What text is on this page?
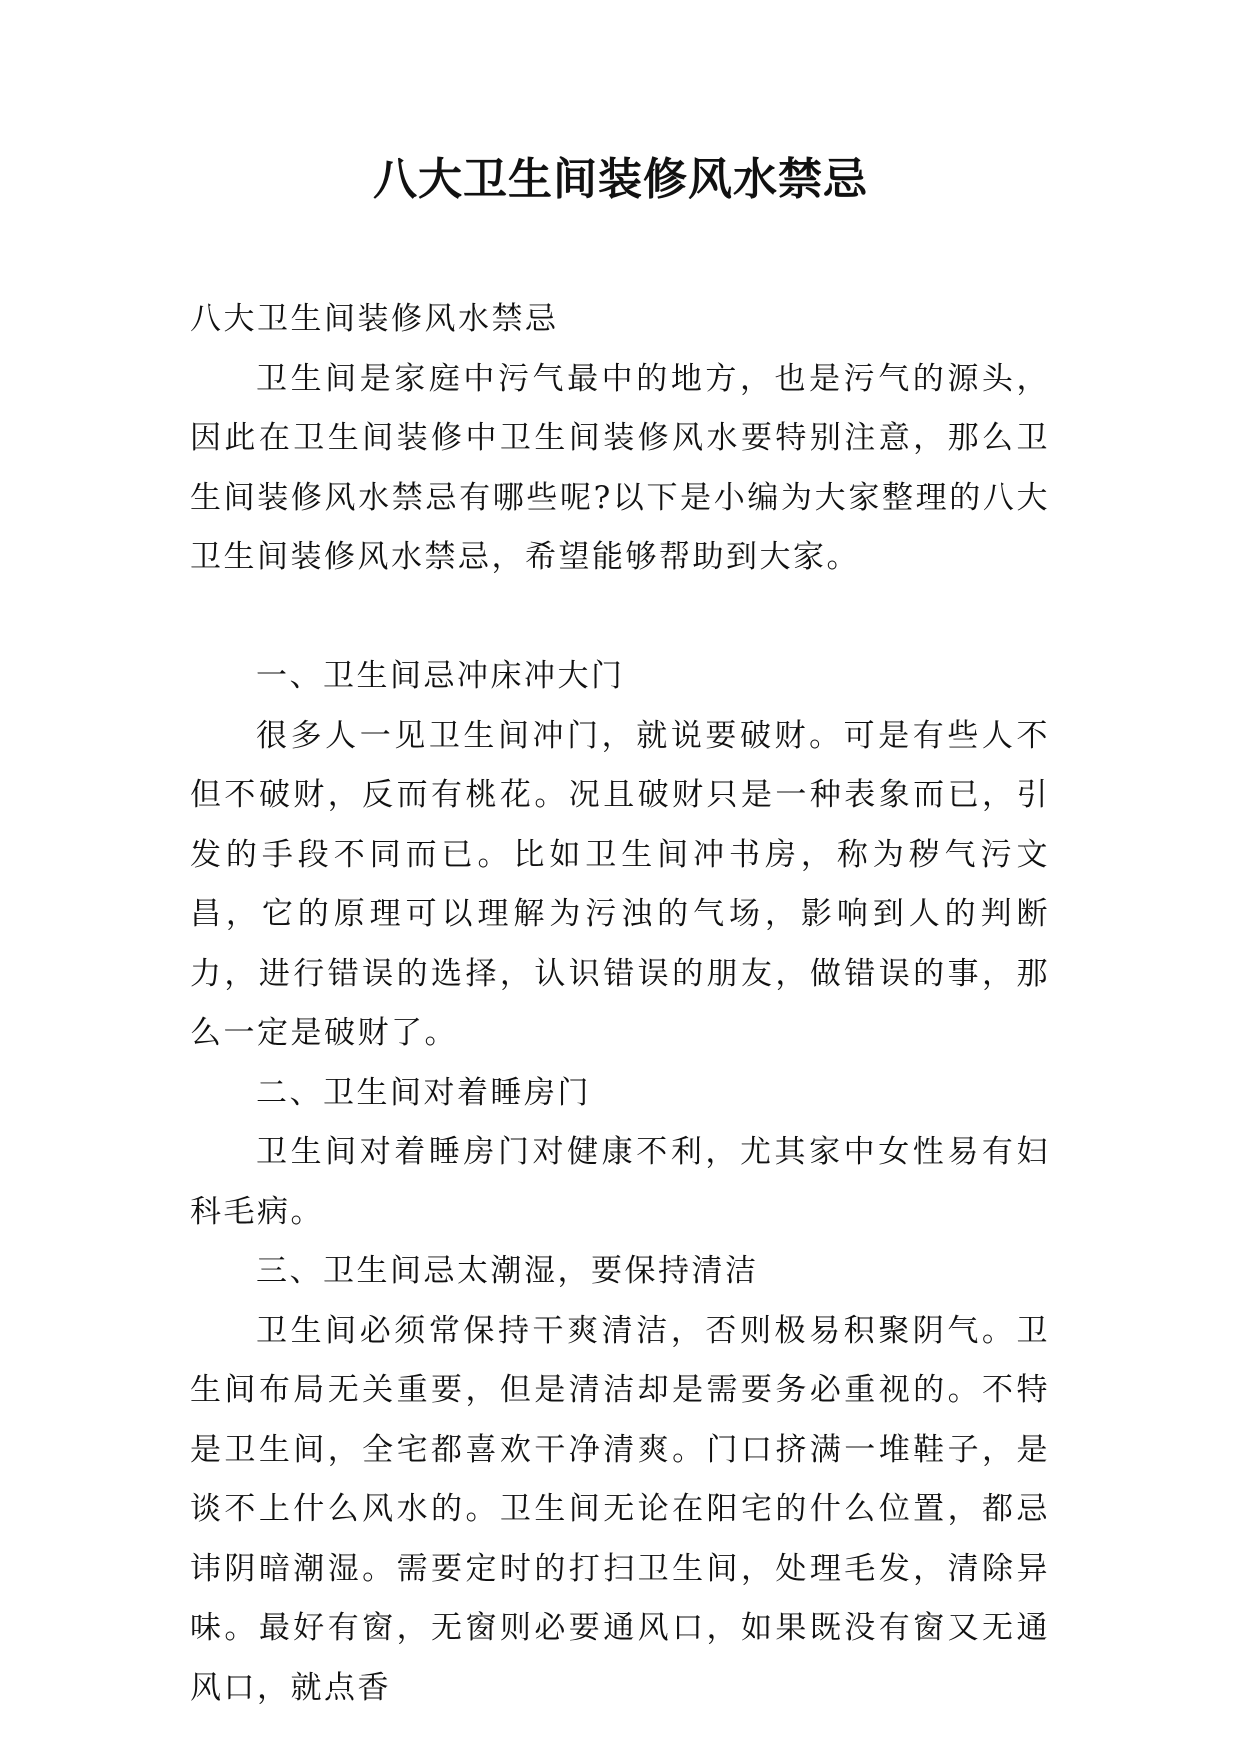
八大卫生间装修风水禁忌

八大卫生间装修风水禁忌

卫生间是家庭中污气最中的地方，也是污气的源头，因此在卫生间装修中卫生间装修风水要特别注意，那么卫生间装修风水禁忌有哪些呢?以下是小编为大家整理的八大卫生间装修风水禁忌，希望能够帮助到大家。

一、卫生间忌冲床冲大门

很多人一见卫生间冲门，就说要破财。可是有些人不但不破财，反而有桃花。况且破财只是一种表象而已，引发的手段不同而已。比如卫生间冲书房，称为秽气污文昌，它的原理可以理解为污浊的气场，影响到人的判断力，进行错误的选择，认识错误的朋友，做错误的事，那么一定是破财了。

二、卫生间对着睡房门

卫生间对着睡房门对健康不利，尤其家中女性易有妇科毛病。

三、卫生间忌太潮湿，要保持清洁

卫生间必须常保持干爽清洁，否则极易积聚阴气。卫生间布局无关重要，但是清洁却是需要务必重视的。不特是卫生间，全宅都喜欢干净清爽。门口挤满一堆鞋子，是谈不上什么风水的。卫生间无论在阳宅的什么位置，都忌讳阴暗潮湿。需要定时的打扫卫生间，处理毛发，清除异味。最好有窗，无窗则必要通风口，如果既没有窗又无通风口，就点香
